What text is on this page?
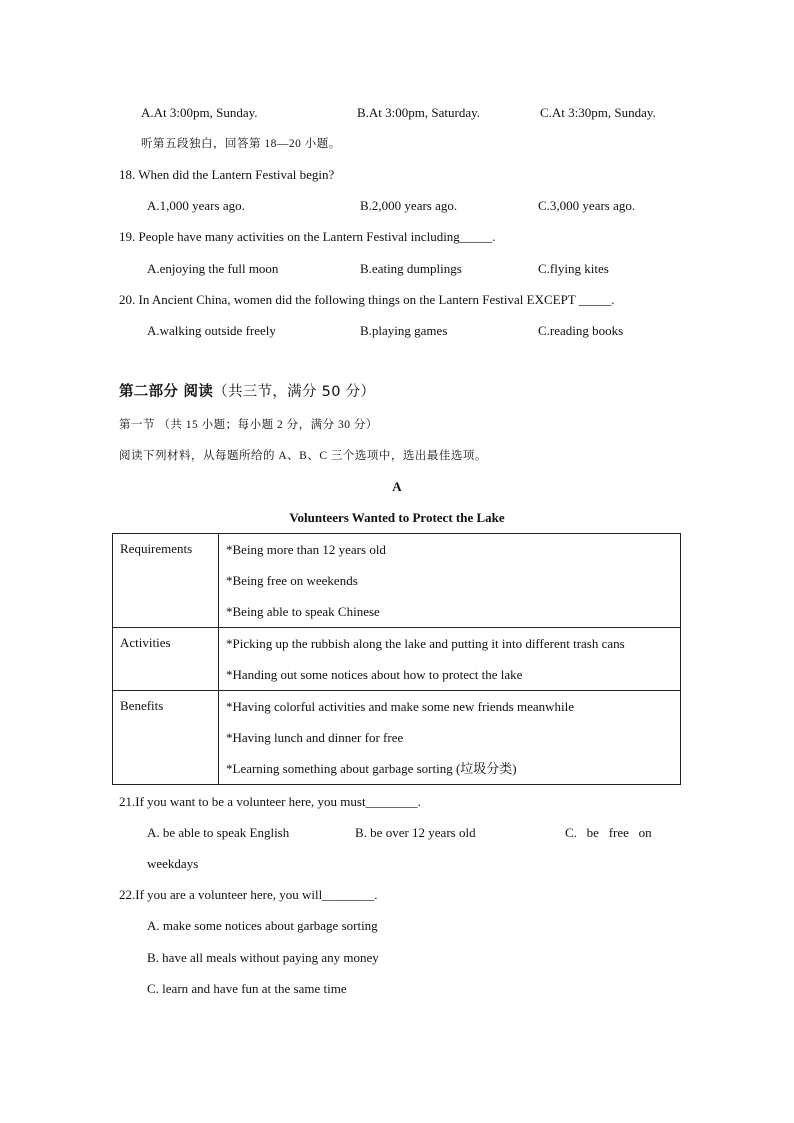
A.At 3:00pm, Sunday.	B.At 3:00pm, Saturday.	C.At 3:30pm, Sunday.
听第五段独白，回答第 18—20 小题。
18. When did the Lantern Festival begin?
A.1,000 years ago.	B.2,000 years ago.	C.3,000 years ago.
19. People have many activities on the Lantern Festival including_____.
A.enjoying the full moon	B.eating dumplings	C.flying kites
20. In Ancient China, women did the following things on the Lantern Festival EXCEPT _____.
A.walking outside freely	B.playing games	C.reading books
第二部分 阅读（共三节，满分 50 分）
第一节 （共 15 小题；每小题 2 分，满分 30 分）
阅读下列材料，从每题所给的 A、B、C 三个选项中，选出最佳选项。
A
Volunteers Wanted to Protect the Lake
Requirements	*Being more than 12 years old
*Being free on weekends
*Being able to speak Chinese

Activities	*Picking up the rubbish along the lake and putting it into different trash cans
*Handing out some notices about how to protect the lake

Benefits	*Having colorful activities and make some new friends meanwhile
*Having lunch and dinner for free
*Learning something about garbage sorting (垃圾分类)
21.If you want to be a volunteer here, you must________.
A. be able to speak English	B. be over 12 years old	C.   be   free   on
weekdays
22.If you are a volunteer here, you will________.
A. make some notices about garbage sorting
B. have all meals without paying any money
C. learn and have fun at the same time
